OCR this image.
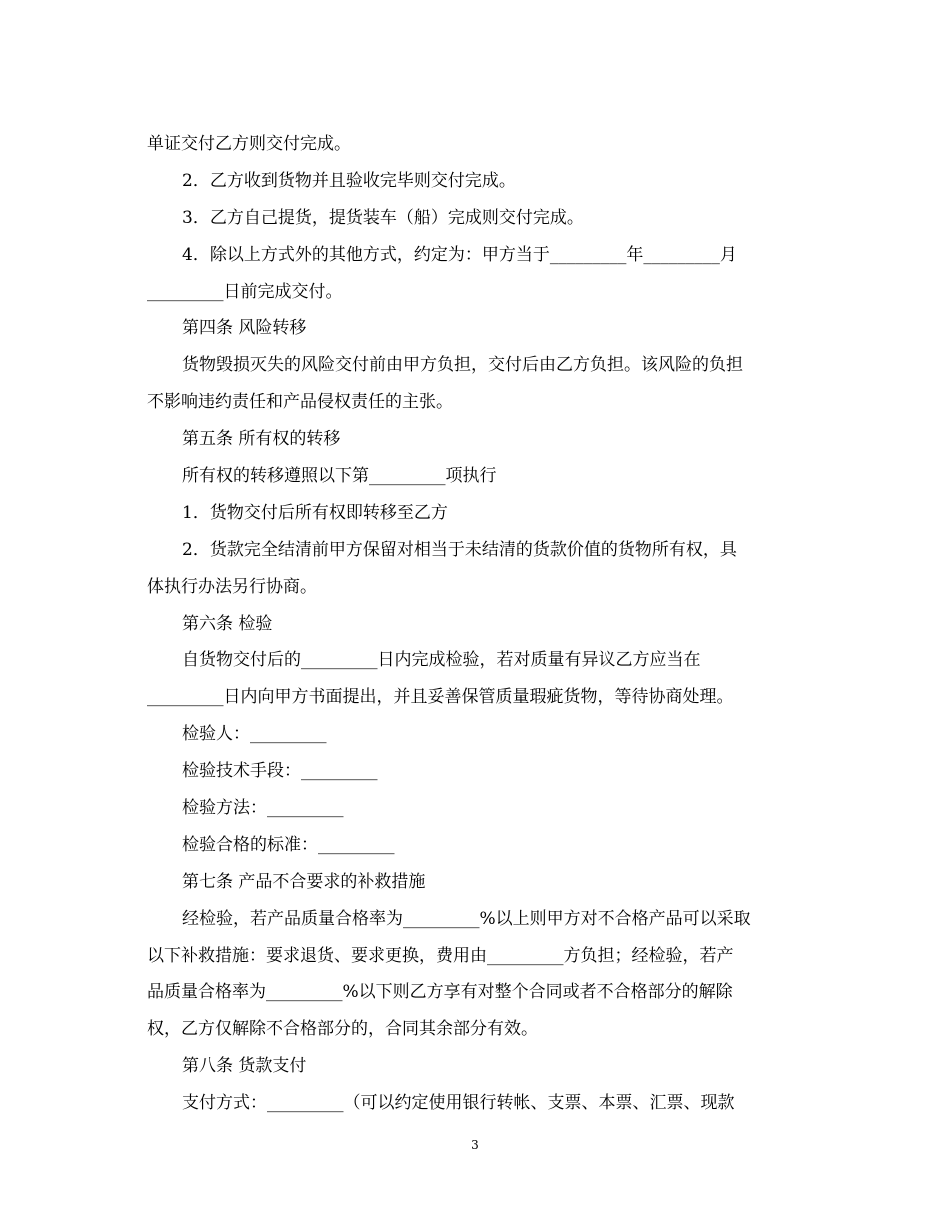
单证交付乙方则交付完成。
2．乙方收到货物并且验收完毕则交付完成。
3．乙方自己提货，提货装车（船）完成则交付完成。
4．除以上方式外的其他方式，约定为：甲方当于_________年_________月
_________日前完成交付。
第四条 风险转移
货物毁损灭失的风险交付前由甲方负担，交付后由乙方负担。该风险的负担
不影响违约责任和产品侵权责任的主张。
第五条 所有权的转移
所有权的转移遵照以下第_________项执行
1．货物交付后所有权即转移至乙方
2．货款完全结清前甲方保留对相当于未结清的货款价值的货物所有权，具
体执行办法另行协商。
第六条 检验
自货物交付后的_________日内完成检验，若对质量有异议乙方应当在
_________日内向甲方书面提出，并且妥善保管质量瑕疵货物，等待协商处理。
检验人：_________
检验技术手段：_________
检验方法：_________
检验合格的标准：_________
第七条 产品不合要求的补救措施
经检验，若产品质量合格率为_________%以上则甲方对不合格产品可以采取
以下补救措施：要求退货、要求更换，费用由_________方负担；经检验，若产
品质量合格率为_________%以下则乙方享有对整个合同或者不合格部分的解除
权，乙方仅解除不合格部分的，合同其余部分有效。
第八条 货款支付
支付方式：_________（可以约定使用银行转帐、支票、本票、汇票、现款
3
